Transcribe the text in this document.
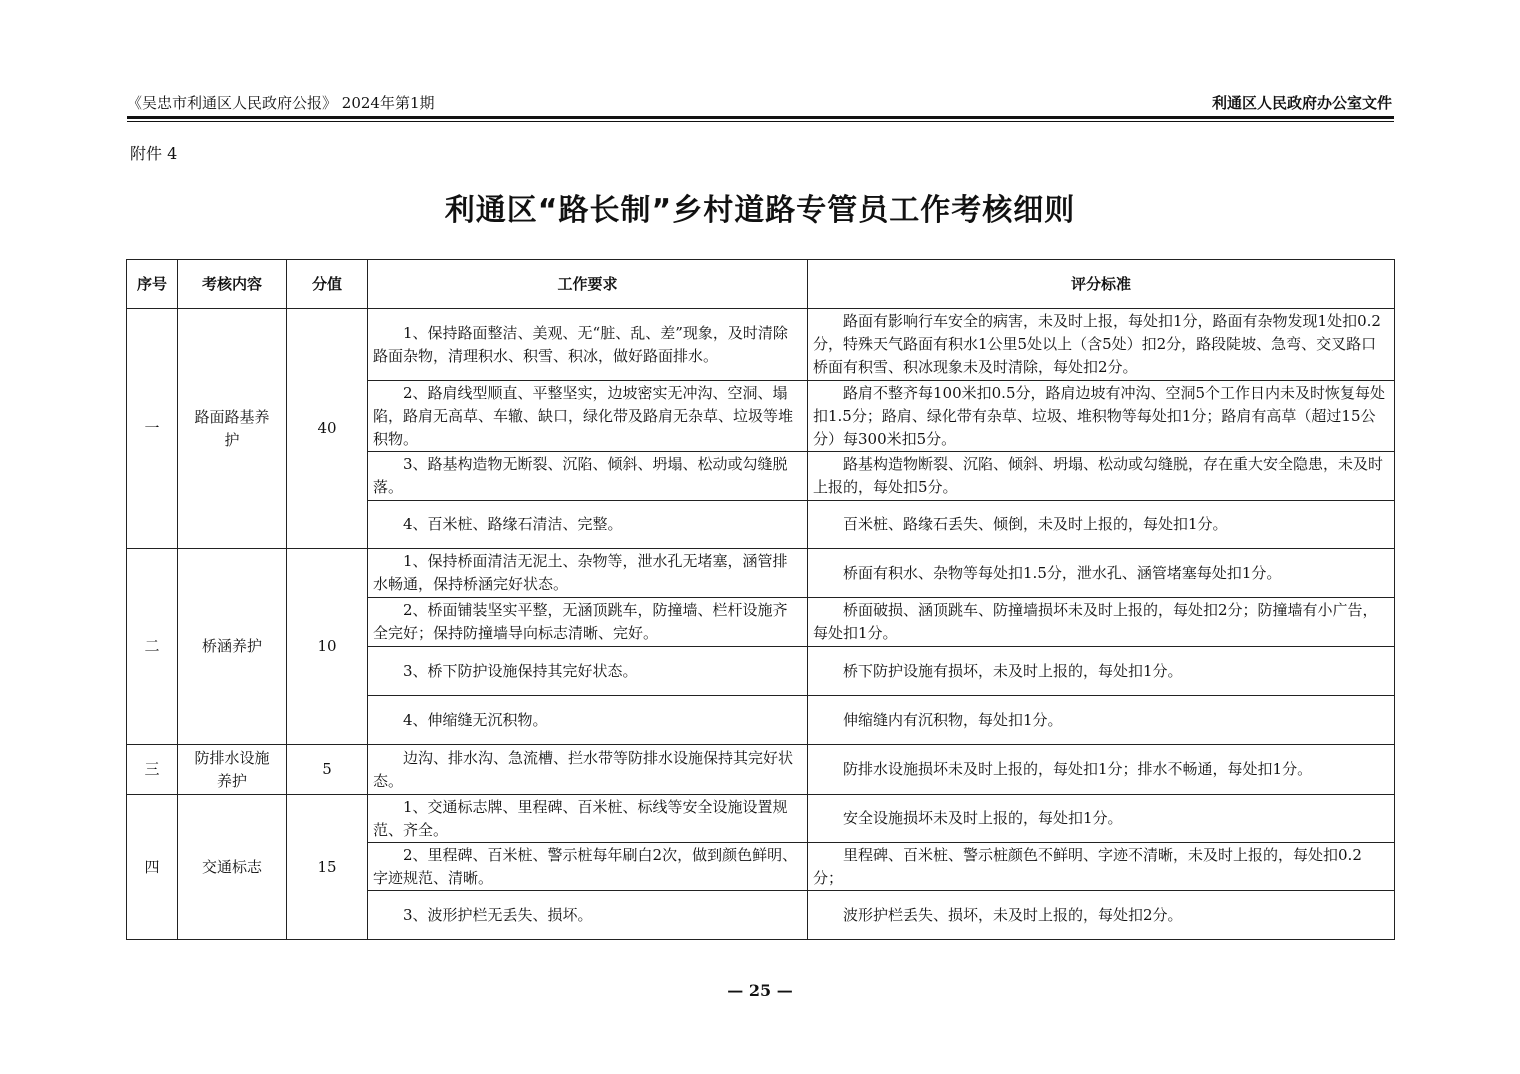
《吴忠市利通区人民政府公报》 2024年第1期	利通区人民政府办公室文件
附件 4
利通区“路长制”乡村道路专管员工作考核细则
序号	考核内容	分值	工作要求	评分标准
一	路面路基养护	40	1、保持路面整洁、美观、无“脏、乱、差”现象，及时清除路面杂物，清理积水、积雪、积冰，做好路面排水。	路面有影响行车安全的病害，未及时上报，每处扣1分，路面有杂物发现1处扣0.2分，特殊天气路面有积水1公里5处以上（含5处）扣2分，路段陡坡、急弯、交叉路口桥面有积雪、积冰现象未及时清除，每处扣2分。
			2、路肩线型顺直、平整坚实，边坡密实无冲沟、空洞、塌陷，路肩无高草、车辙、缺口，绿化带及路肩无杂草、垃圾等堆积物。	路肩不整齐每100米扣0.5分，路肩边坡有冲沟、空洞5个工作日内未及时恢复每处扣1.5分；路肩、绿化带有杂草、垃圾、堆积物等每处扣1分；路肩有高草（超过15公分）每300米扣5分。
			3、路基构造物无断裂、沉陷、倾斜、坍塌、松动或勾缝脱落。	路基构造物断裂、沉陷、倾斜、坍塌、松动或勾缝脱，存在重大安全隐患，未及时上报的，每处扣5分。
			4、百米桩、路缘石清洁、完整。	百米桩、路缘石丢失、倾倒，未及时上报的，每处扣1分。
二	桥涵养护	10	1、保持桥面清洁无泥土、杂物等，泄水孔无堵塞，涵管排水畅通，保持桥涵完好状态。	桥面有积水、杂物等每处扣1.5分，泄水孔、涵管堵塞每处扣1分。
			2、桥面铺装坚实平整，无涵顶跳车，防撞墙、栏杆设施齐全完好；保持防撞墙导向标志清晰、完好。	桥面破损、涵顶跳车、防撞墙损坏未及时上报的，每处扣2分；防撞墙有小广告，每处扣1分。
			3、桥下防护设施保持其完好状态。	桥下防护设施有损坏，未及时上报的，每处扣1分。
			4、伸缩缝无沉积物。	伸缩缝内有沉积物，每处扣1分。
三	防排水设施养护	5	边沟、排水沟、急流槽、拦水带等防排水设施保持其完好状态。	防排水设施损坏未及时上报的，每处扣1分；排水不畅通，每处扣1分。
四	交通标志	15	1、交通标志牌、里程碑、百米桩、标线等安全设施设置规范、齐全。	安全设施损坏未及时上报的，每处扣1分。
			2、里程碑、百米桩、警示桩每年刷白2次，做到颜色鲜明、字迹规范、清晰。	里程碑、百米桩、警示桩颜色不鲜明、字迹不清晰，未及时上报的，每处扣0.2分；
			3、波形护栏无丢失、损坏。	波形护栏丢失、损坏，未及时上报的，每处扣2分。
— 25 —
